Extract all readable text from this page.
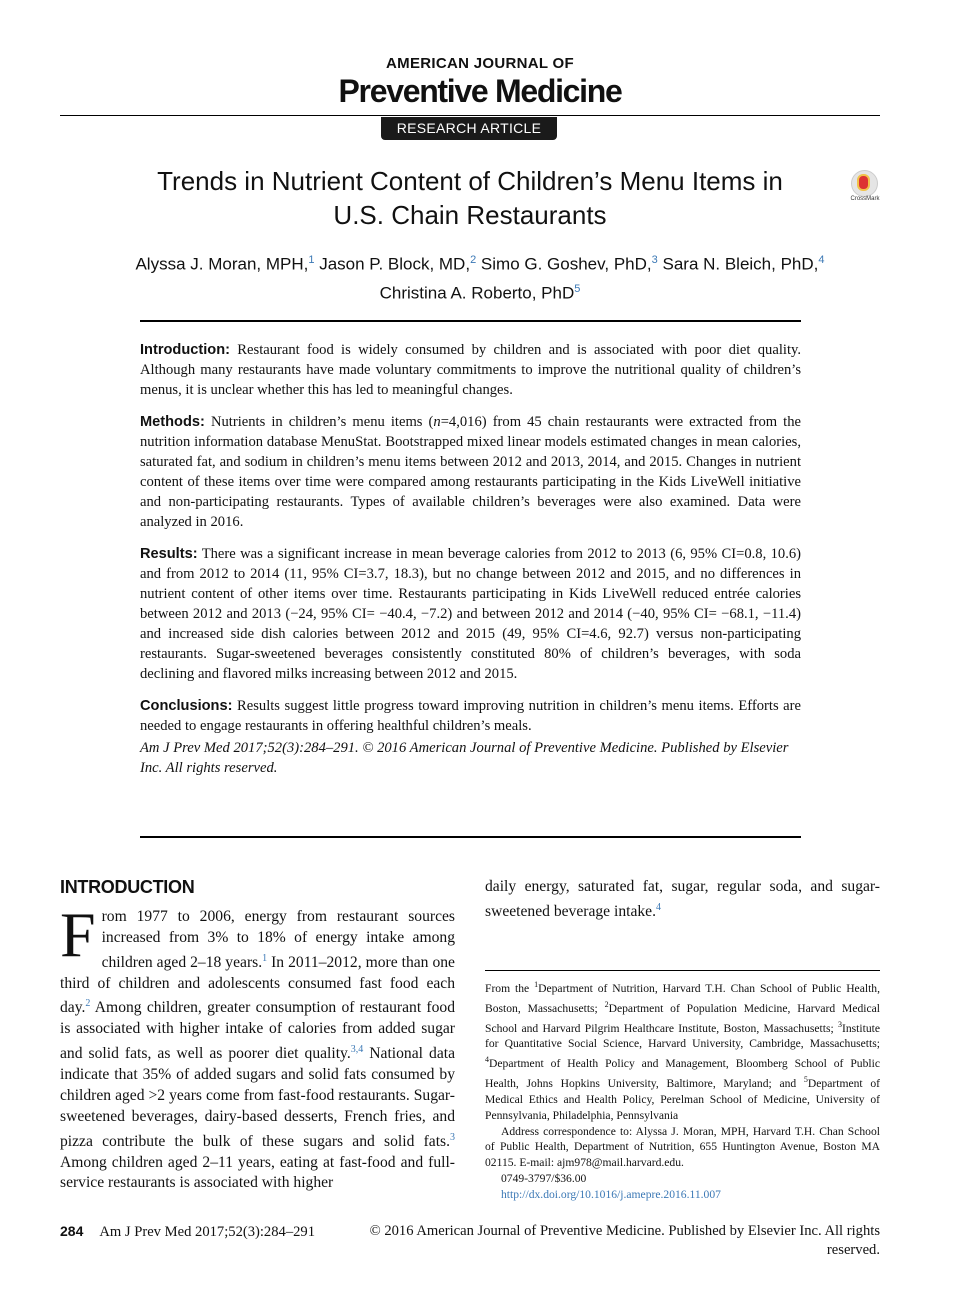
AMERICAN JOURNAL OF
Preventive Medicine
RESEARCH ARTICLE
Trends in Nutrient Content of Children’s Menu Items in
U.S. Chain Restaurants
CrossMark
Alyssa J. Moran, MPH,$^1$ Jason P. Block, MD,$^2$ Simo G. Goshev, PhD,$^3$ Sara N. Bleich, PhD,$^4$
Christina A. Roberto, PhD$^5$

Introduction: Restaurant food is widely consumed by children and is associated with poor diet quality. Although many restaurants have made voluntary commitments to improve the nutritional quality of children’s menus, it is unclear whether this has led to meaningful changes.

Methods: Nutrients in children’s menu items (n=4,016) from 45 chain restaurants were extracted from the nutrition information database MenuStat. Bootstrapped mixed linear models estimated changes in mean calories, saturated fat, and sodium in children’s menu items between 2012 and 2013, 2014, and 2015. Changes in nutrient content of these items over time were compared among restaurants participating in the Kids LiveWell initiative and non-participating restaurants. Types of available children’s beverages were also examined. Data were analyzed in 2016.

Results: There was a significant increase in mean beverage calories from 2012 to 2013 (6, 95% CI=0.8, 10.6) and from 2012 to 2014 (11, 95% CI=3.7, 18.3), but no change between 2012 and 2015, and no differences in nutrient content of other items over time. Restaurants participating in Kids LiveWell reduced entrée calories between 2012 and 2013 (−24, 95% CI= −40.4, −7.2) and between 2012 and 2014 (−40, 95% CI= −68.1, −11.4) and increased side dish calories between 2012 and 2015 (49, 95% CI=4.6, 92.7) versus non-participating restaurants. Sugar-sweetened beverages consistently constituted 80% of children’s beverages, with soda declining and flavored milks increasing between 2012 and 2015.

Conclusions: Results suggest little progress toward improving nutrition in children’s menu items. Efforts are needed to engage restaurants in offering healthful children’s meals.

Am J Prev Med 2017;52(3):284–291. © 2016 American Journal of Preventive Medicine. Published by Elsevier Inc. All rights reserved.

INTRODUCTION
From 1977 to 2006, energy from restaurant sources increased from 3% to 18% of energy intake among children aged 2–18 years.$^1$ In 2011–2012, more than one third of children and adolescents consumed fast food each day.$^2$ Among children, greater consumption of restaurant food is associated with higher intake of calories from added sugar and solid fats, as well as poorer diet quality.$^{3,4}$ National data indicate that 35% of added sugars and solid fats consumed by children aged >2 years come from fast-food restaurants. Sugar-sweetened beverages, dairy-based desserts, French fries, and pizza contribute the bulk of these sugars and solid fats.$^3$ Among children aged 2–11 years, eating at fast-food and full-service restaurants is associated with higher
daily energy, saturated fat, sugar, regular soda, and sugar-sweetened beverage intake.$^4$

From the $^1$Department of Nutrition, Harvard T.H. Chan School of Public Health, Boston, Massachusetts; $^2$Department of Population Medicine, Harvard Medical School and Harvard Pilgrim Healthcare Institute, Boston, Massachusetts; $^3$Institute for Quantitative Social Science, Harvard University, Cambridge, Massachusetts; $^4$Department of Health Policy and Management, Bloomberg School of Public Health, Johns Hopkins University, Baltimore, Maryland; and $^5$Department of Medical Ethics and Health Policy, Perelman School of Medicine, University of Pennsylvania, Philadelphia, Pennsylvania

Address correspondence to: Alyssa J. Moran, MPH, Harvard T.H. Chan School of Public Health, Department of Nutrition, 655 Huntington Avenue, Boston MA 02115. E-mail: ajm978@mail.harvard.edu.

0749-3797/$36.00

http://dx.doi.org/10.1016/j.amepre.2016.11.007

284 Am J Prev Med 2017;52(3):284–291	© 2016 American Journal of Preventive Medicine. Published by Elsevier Inc. All rights reserved.
